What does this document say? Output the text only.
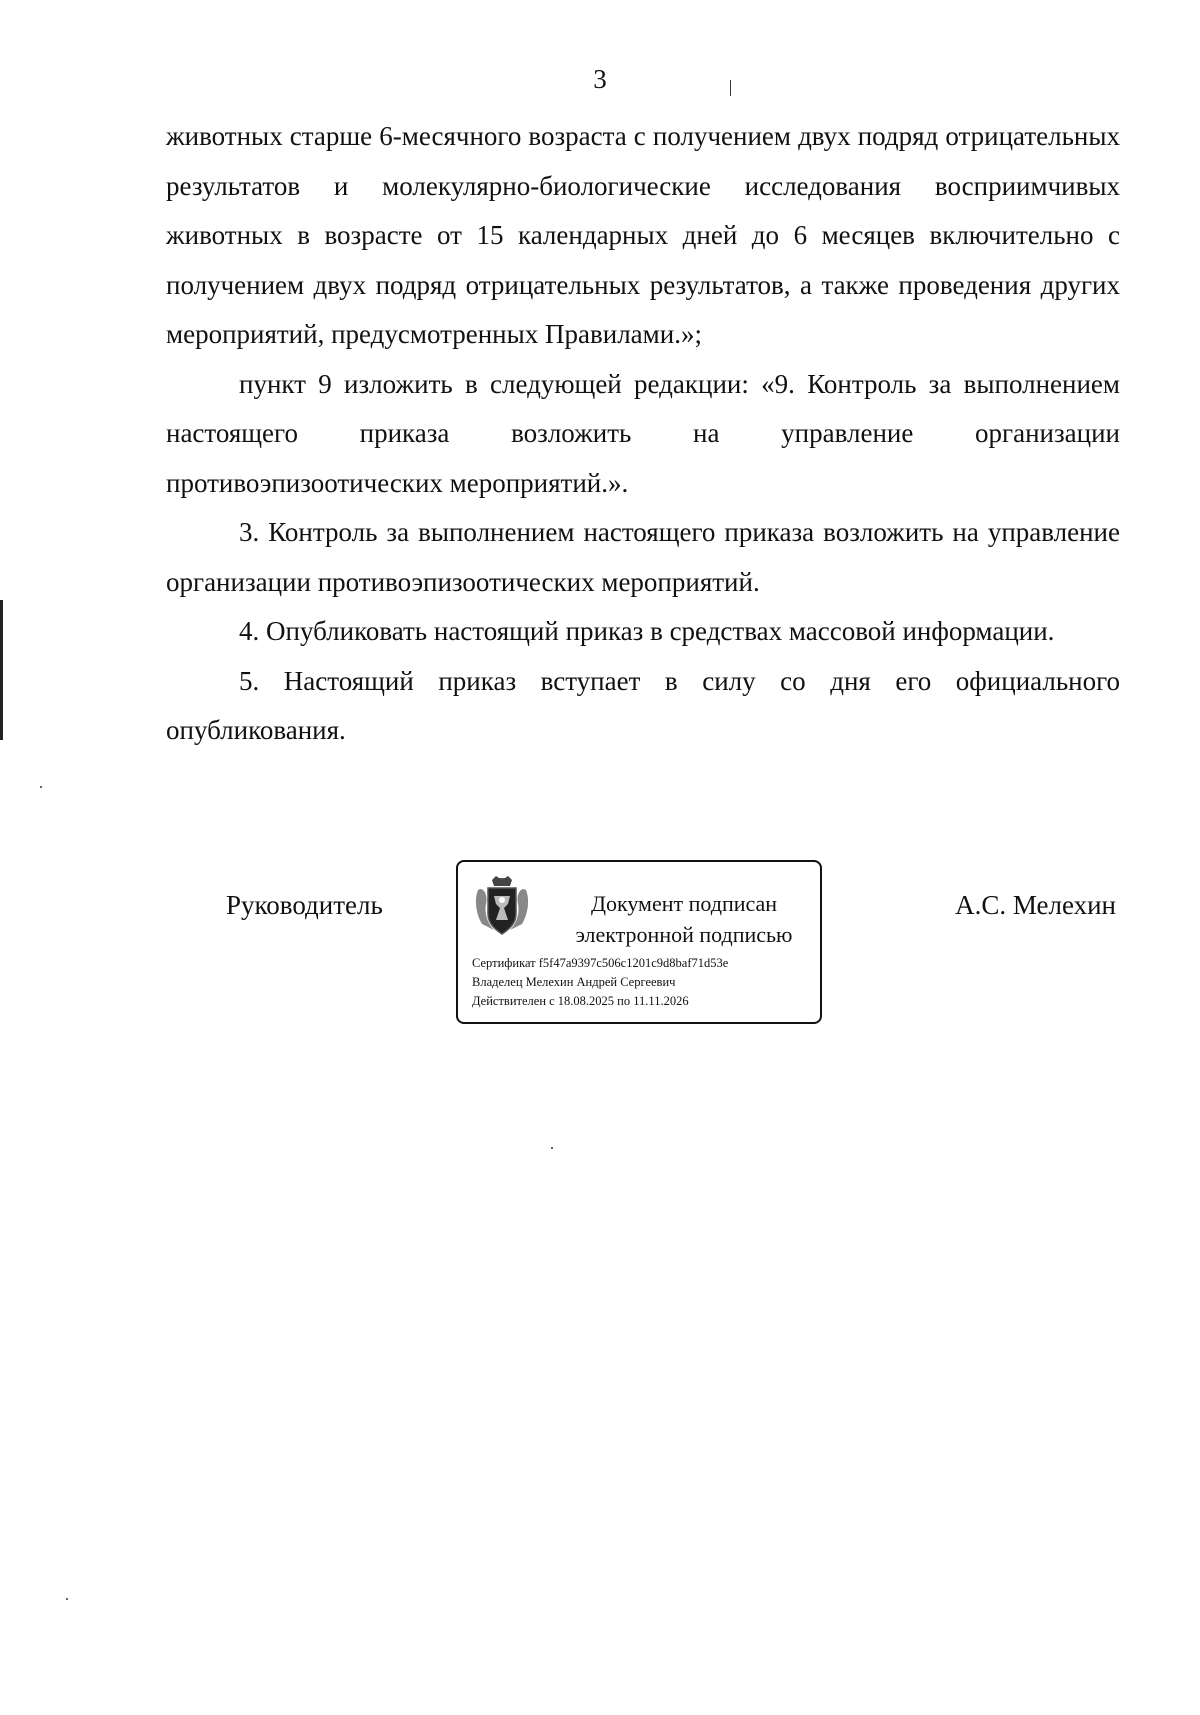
3

животных старше 6-месячного возраста с получением двух подряд отрицательных результатов и молекулярно-биологические исследования восприимчивых животных в возрасте от 15 календарных дней до 6 месяцев включительно с получением двух подряд отрицательных результатов, а также проведения других мероприятий, предусмотренных Правилами.»;

пункт 9 изложить в следующей редакции: «9. Контроль за выполнением настоящего приказа возложить на управление организации противоэпизоотических мероприятий.».

3. Контроль за выполнением настоящего приказа возложить на управление организации противоэпизоотических мероприятий.

4. Опубликовать настоящий приказ в средствах массовой информации.

5. Настоящий приказ вступает в силу со дня его официального опубликования.

Руководитель	Документ подписан
электронной подписью
Сертификат f5f47a9397c506c1201c9d8baf71d53e
Владелец Мелехин Андрей Сергеевич
Действителен с 18.08.2025 по 11.11.2026
А.С. Мелехин
